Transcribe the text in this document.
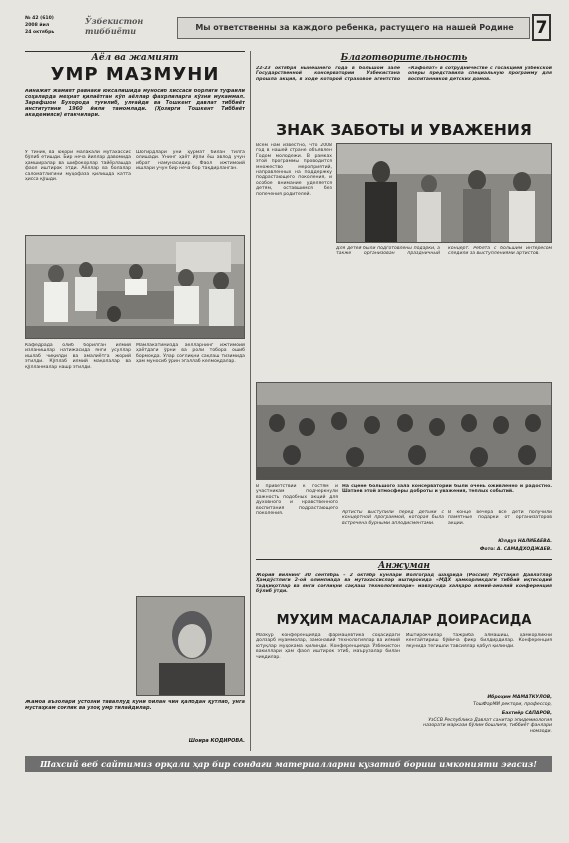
№ 42 (610)
2008 йил
24 октябрь
Ўзбекистон тиббиёти	Мы ответственны за каждого ребенка, растущего на нашей Родине	7
Аёл ва жамият
УМР МАЗМУНИ
Айнажит жамият равнаки юксалишида муносиб хиссаси борлиги туфайли соҳаларда меҳнат қилаётган кўп аёллар фахрлиларга кўзни мукаммал. Зарафшон Бухорода туғилиб, улғайди ва Тошкент давлат тиббиёт институтини 1960 йили тамомлади. (Ҳозирги Тошкент Тиббиёт академияси) етакчилари.
У тиниқ ва юқори малакали мутахассис бўлиб етишди. Бир неча йиллар давомида ҳамширалар ва шифокорлар тайёрлашда фаол иштирок этди. Аёллар ва болалар саломатлигини муҳофаза қилишда катта ҳисса қўшди.
Шогирдлари уни ҳурмат билан тилга олишади. Унинг ҳаёт йўли ёш авлод учун ибрат намунасидир. Фаол ижтимоий ишлари учун бир неча бор тақдирланган.
Кафедрада олиб борилган илмий изланишлар натижасида янги усуллар ишлаб чиқилди ва амалиётга жорий этилди. Кўплаб илмий мақолалар ва қўлланмалар нашр этилди.
Мамлакатимизда аёлларнинг ижтимоий ҳаётдаги ўрни ва роли тобора ошиб бормоқда. Улар соғлиқни сақлаш тизимида ҳам муносиб ўрин эгаллаб келмоқдалар.
Жамоа аъзолари устозни таваллуд куни билан чин қалбдан қутлаб, унга мустаҳкам соғлик ва узоқ умр тилайдилар.
Шоира КОДИРОВА.
Благотворительность
22-23 октября нынешнего года в большом зале Государственной консерватории Узбекистана прошла акция, в ходе которой страховое агентство «Кафолат» в сотрудничестве с госакцией узбекской оперы представила специальную программу для воспитанников детских домов.
ЗНАК ЗАБОТЫ И УВАЖЕНИЯ
Всем нам известно, что 2008 год в нашей стране объявлен Годом молодежи. В рамках этой программы проводится множество мероприятий, направленных на поддержку подрастающего поколения, и особое внимание уделяется детям, оставшимся без попечения родителей.
Для детей были подготовлены подарки, а также организован праздничный концерт. Ребята с большим интересом следили за выступлениями артистов.
В приветствии к гостям и участникам подчеркнули важность подобных акций для духовного и нравственного воспитания подрастающего поколения.
На сцене большого зала консерватории были очень оживленно и радостно. Шатаев этой атмосферы доброты и уважения, теплых событий.
Артисты выступили перед детьми с концертной программой, которая была встречена бурными аплодисментами.
В конце вечера все дети получили памятные подарки от организаторов акции.
Юлдуз НАЛИБАЕВА.
Фото: А. САМАДХОДЖАЕВ.
Анжуман
Жорий йилнинг 30 сентябрь – 2 октябр кунлари Волгоград шаҳрида (Россия) Мустақил Давлатлар Ҳамдўстлиги 2-ой олимпиада ва мутахассислар иштирокида «МДХ ҳамкорликдаги тиббий иқтисодий тадқиқотлар ва янги соғлиқни сақлаш технологиялари» мавзусида халқаро илмий-амалий конференция бўлиб ўтди.
МУҲИМ МАСАЛАЛАР ДОИРАСИДА
Мазкур конференцияда фармацевтика соҳасидаги долзарб муаммолар, замонавий технологиялар ва илмий ютуқлар муҳокама қилинди. Конференцияда Ўзбекистон вакиллари ҳам фаол иштирок этиб, маърузалар билан чиқдилар.
Иштирокчилар тажриба алмашиш, ҳамкорликни кенгайтириш бўйича фикр билдирдилар. Конференция якунида тегишли тавсиялар қабул қилинди.
Иброҳим МАМАТКУЛОВ,
ТошФарМИ ректори, профессор,
Бахтиёр САПАРОВ,
УзССВ Республика Давлат санитар эпидемиология назорати маркази бўлим бошлиғи, тиббиёт фанлари номзоди.
Шахсий веб сайтимиз орқали ҳар бир сондаги материалларни кузатиб бориш имконияти эгасиз!
